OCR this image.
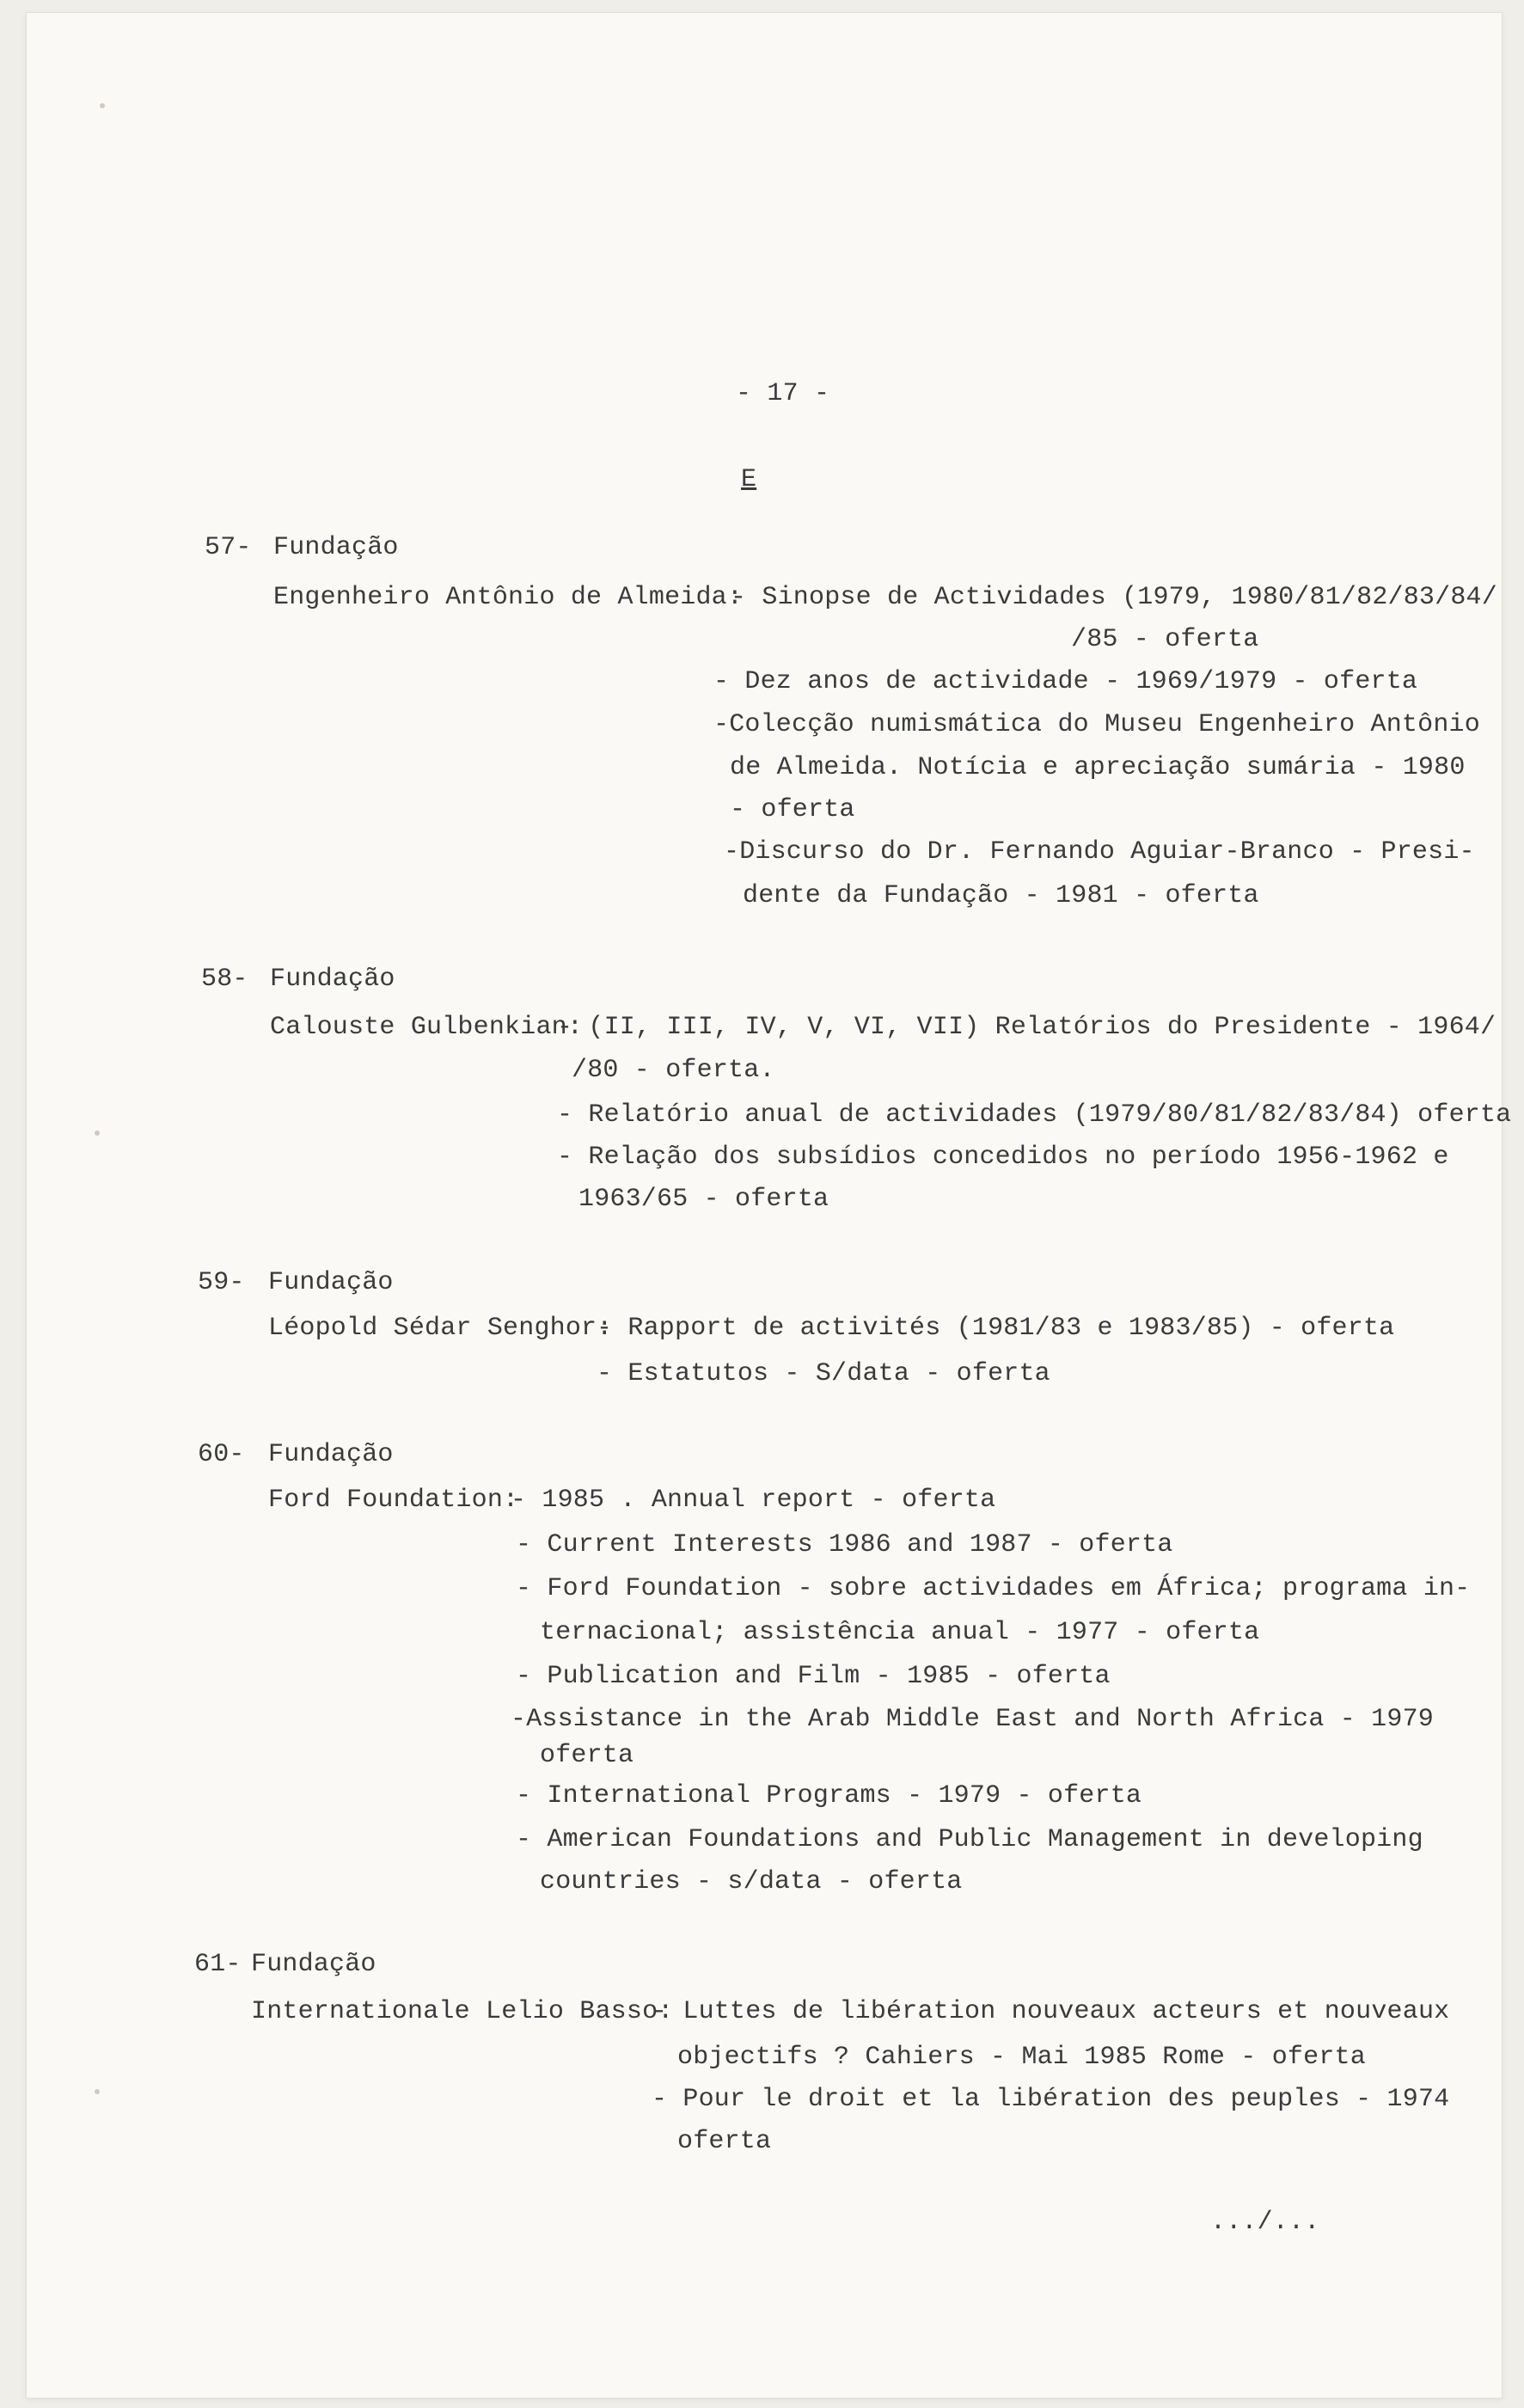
- 17 -
E
57- Fundação
Engenheiro Antônio de Almeida:
- Sinopse de Actividades (1979, 1980/81/82/83/84/
/85 - oferta
- Dez anos de actividade - 1969/1979 - oferta
-Colecção numismática do Museu Engenheiro Antônio
de Almeida. Notícia e apreciação sumária - 1980
- oferta
-Discurso do Dr. Fernando Aguiar-Branco - Presi-
dente da Fundação - 1981 - oferta
58- Fundação
Calouste Gulbenkian:
- (II, III, IV, V, VI, VII) Relatórios do Presidente - 1964/
/80 - oferta.
- Relatório anual de actividades (1979/80/81/82/83/84) oferta
- Relação dos subsídios concedidos no período 1956-1962 e
1963/65 - oferta
59- Fundação
Léopold Sédar Senghor:
- Rapport de activités (1981/83 e 1983/85) - oferta
- Estatutos - S/data - oferta
60- Fundação
Ford Foundation:
- 1985 . Annual report - oferta
- Current Interests 1986 and 1987 - oferta
- Ford Foundation - sobre actividades em África; programa in-
ternacional; assistência anual - 1977 - oferta
- Publication and Film - 1985 - oferta
-Assistance in the Arab Middle East and North Africa - 1979
oferta
- International Programs - 1979 - oferta
- American Foundations and Public Management in developing
countries - s/data - oferta
61- Fundação
Internationale Lelio Basso:
- Luttes de libération nouveaux acteurs et nouveaux
objectifs ? Cahiers - Mai 1985 Rome - oferta
- Pour le droit et la libération des peuples - 1974
oferta
.../...
